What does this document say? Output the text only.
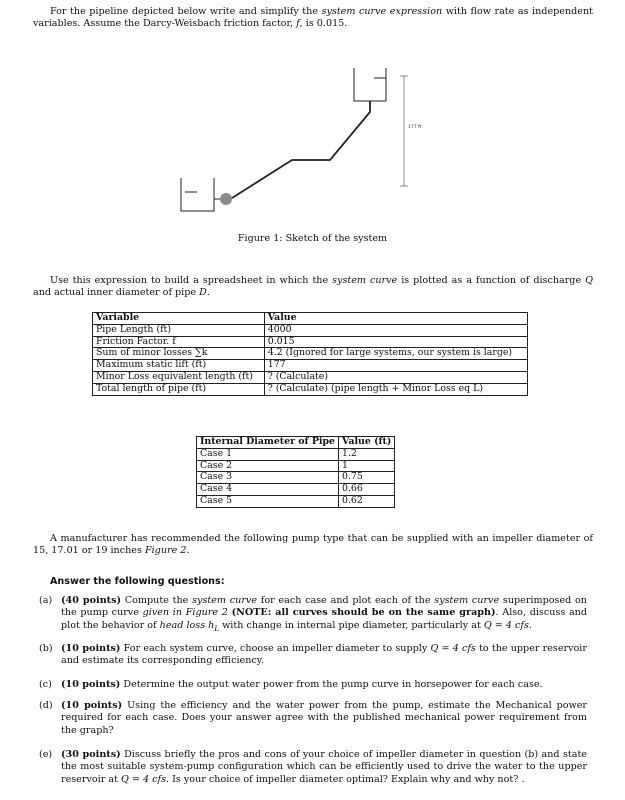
For the pipeline depicted below write and simplify the system curve expression with flow rate as independent variables. Assume the Darcy-Weisbach friction factor, f, is 0.015.

177 ft
Figure 1: Sketch of the system

Use this expression to build a spreadsheet in which the system curve is plotted as a function of discharge Q and actual inner diameter of pipe D.

Variable	Value
Pipe Length (ft)	4000
Friction Factor. f	0.015
Sum of minor losses ∑k	4.2 (Ignored for large systems, our system is large)
Maximum static lift (ft)	177
Minor Loss equivalent length (ft)	? (Calculate)
Total length of pipe (ft)	? (Calculate) (pipe length + Minor Loss eq L)
Internal Diameter of Pipe	Value (ft)
Case 1	1.2
Case 2	1
Case 3	0.75
Case 4	0.66
Case 5	0.62

A manufacturer has recommended the following pump type that can be supplied with an impeller diameter of 15, 17.01 or 19 inches Figure 2.

Answer the following questions:
(a) (40 points) Compute the system curve for each case and plot each of the system curve superimposed on the pump curve given in Figure 2 (NOTE: all curves should be on the same graph). Also, discuss and plot the behavior of head loss $h_L$ with change in internal pipe diameter, particularly at Q = 4 cfs.
(b) (10 points) For each system curve, choose an impeller diameter to supply Q = 4 cfs to the upper reservoir and estimate its corresponding efficiency.
(c) (10 points) Determine the output water power from the pump curve in horsepower for each case.
(d) (10 points) Using the efficiency and the water power from the pump, estimate the Mechanical power required for each case. Does your answer agree with the published mechanical power requirement from the graph?
(e) (30 points) Discuss briefly the pros and cons of your choice of impeller diameter in question (b) and state the most suitable system-pump configuration which can be efficiently used to drive the water to the upper reservoir at Q = 4 cfs. Is your choice of impeller diameter optimal? Explain why and why not? .
